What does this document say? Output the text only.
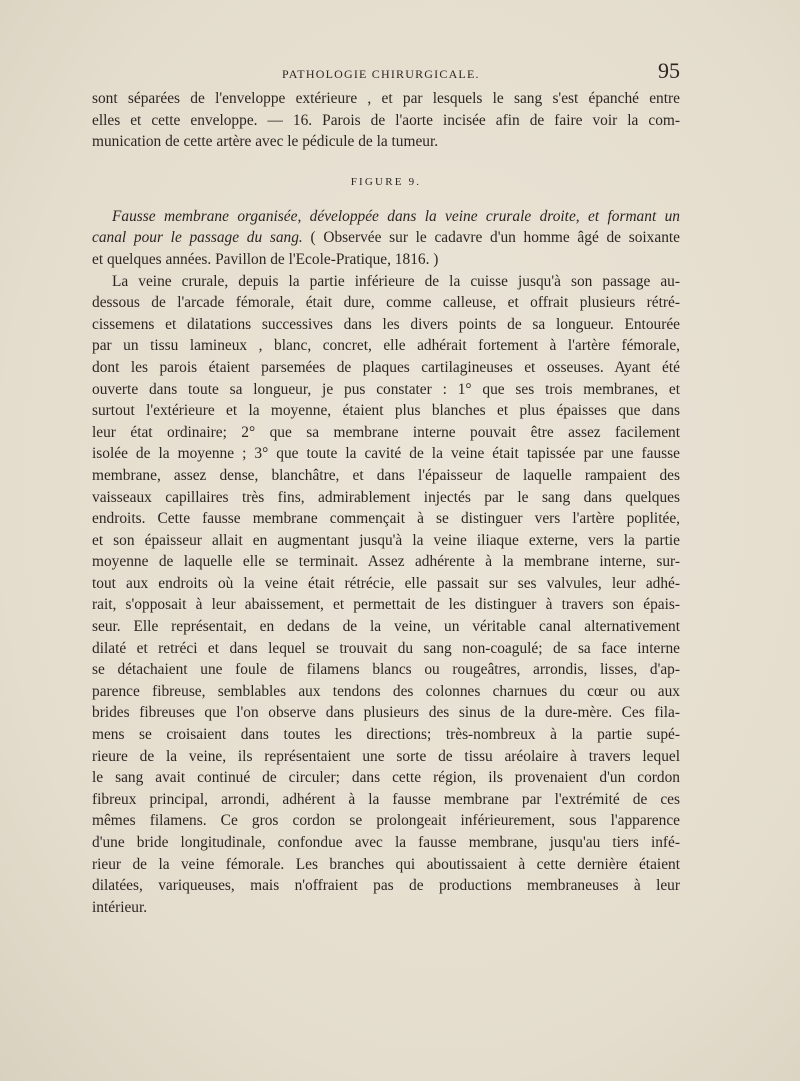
PATHOLOGIE CHIRURGICALE.	95
sont séparées de l'enveloppe extérieure , et par lesquels le sang s'est épanché entre
elles et cette enveloppe. — 16. Parois de l'aorte incisée afin de faire voir la com-
munication de cette artère avec le pédicule de la tumeur.
FIGURE 9.
Fausse membrane organisée, développée dans la veine crurale droite, et formant un
canal pour le passage du sang. ( Observée sur le cadavre d'un homme âgé de soixante
et quelques années. Pavillon de l'Ecole-Pratique, 1816. )
La veine crurale, depuis la partie inférieure de la cuisse jusqu'à son passage au-
dessous de l'arcade fémorale, était dure, comme calleuse, et offrait plusieurs rétré-
cissemens et dilatations successives dans les divers points de sa longueur. Entourée
par un tissu lamineux , blanc, concret, elle adhérait fortement à l'artère fémorale,
dont les parois étaient parsemées de plaques cartilagineuses et osseuses. Ayant été
ouverte dans toute sa longueur, je pus constater : 1° que ses trois membranes, et
surtout l'extérieure et la moyenne, étaient plus blanches et plus épaisses que dans
leur état ordinaire; 2° que sa membrane interne pouvait être assez facilement
isolée de la moyenne ; 3° que toute la cavité de la veine était tapissée par une fausse
membrane, assez dense, blanchâtre, et dans l'épaisseur de laquelle rampaient des
vaisseaux capillaires très fins, admirablement injectés par le sang dans quelques
endroits. Cette fausse membrane commençait à se distinguer vers l'artère poplitée,
et son épaisseur allait en augmentant jusqu'à la veine iliaque externe, vers la partie
moyenne de laquelle elle se terminait. Assez adhérente à la membrane interne, sur-
tout aux endroits où la veine était rétrécie, elle passait sur ses valvules, leur adhé-
rait, s'opposait à leur abaissement, et permettait de les distinguer à travers son épais-
seur. Elle représentait, en dedans de la veine, un véritable canal alternativement
dilaté et retréci et dans lequel se trouvait du sang non-coagulé; de sa face interne
se détachaient une foule de filamens blancs ou rougeâtres, arrondis, lisses, d'ap-
parence fibreuse, semblables aux tendons des colonnes charnues du cœur ou aux
brides fibreuses que l'on observe dans plusieurs des sinus de la dure-mère. Ces fila-
mens se croisaient dans toutes les directions; très-nombreux à la partie supé-
rieure de la veine, ils représentaient une sorte de tissu aréolaire à travers lequel
le sang avait continué de circuler; dans cette région, ils provenaient d'un cordon
fibreux principal, arrondi, adhérent à la fausse membrane par l'extrémité de ces
mêmes filamens. Ce gros cordon se prolongeait inférieurement, sous l'apparence
d'une bride longitudinale, confondue avec la fausse membrane, jusqu'au tiers infé-
rieur de la veine fémorale. Les branches qui aboutissaient à cette dernière étaient
dilatées, variqueuses, mais n'offraient pas de productions membraneuses à leur
intérieur.
